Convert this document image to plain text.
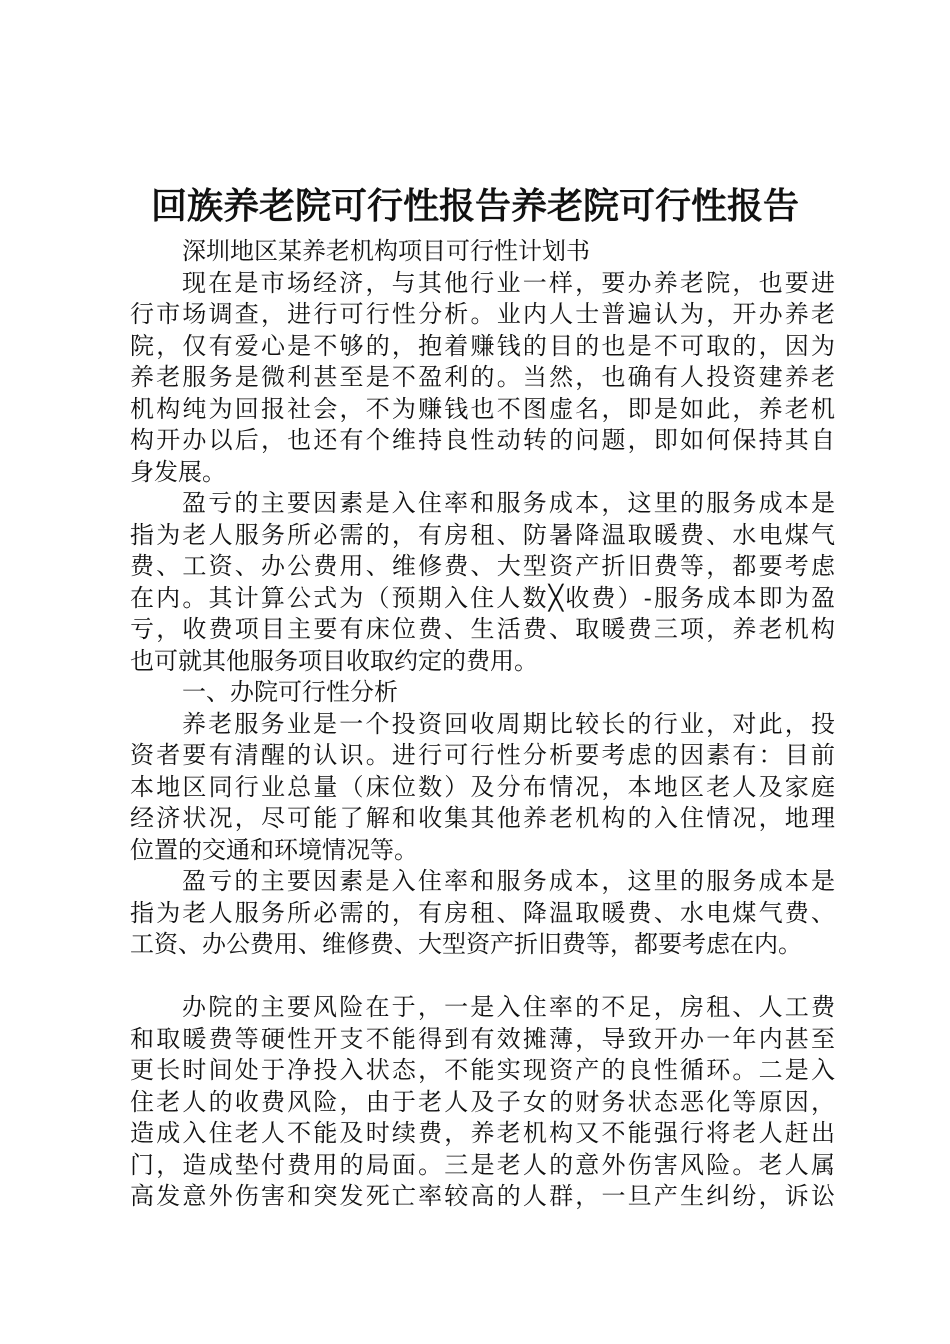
回族养老院可行性报告养老院可行性报告
深圳地区某养老机构项目可行性计划书
现在是市场经济，与其他行业一样，要办养老院，也要进
行市场调查，进行可行性分析。业内人士普遍认为，开办养老
院，仅有爱心是不够的，抱着赚钱的目的也是不可取的，因为
养老服务是微利甚至是不盈利的。当然，也确有人投资建养老
机构纯为回报社会，不为赚钱也不图虚名，即是如此，养老机
构开办以后，也还有个维持良性动转的问题，即如何保持其自
身发展。
盈亏的主要因素是入住率和服务成本，这里的服务成本是
指为老人服务所必需的，有房租、防暑降温取暖费、水电煤气
费、工资、办公费用、维修费、大型资产折旧费等，都要考虑
在内。其计算公式为（预期入住人数╳收费）-服务成本即为盈
亏，收费项目主要有床位费、生活费、取暖费三项，养老机构
也可就其他服务项目收取约定的费用。
一、办院可行性分析
养老服务业是一个投资回收周期比较长的行业，对此，投
资者要有清醒的认识。进行可行性分析要考虑的因素有：目前
本地区同行业总量（床位数）及分布情况，本地区老人及家庭
经济状况，尽可能了解和收集其他养老机构的入住情况，地理
位置的交通和环境情况等。
盈亏的主要因素是入住率和服务成本，这里的服务成本是
指为老人服务所必需的，有房租、降温取暖费、水电煤气费、
工资、办公费用、维修费、大型资产折旧费等，都要考虑在内。
办院的主要风险在于，一是入住率的不足，房租、人工费
和取暖费等硬性开支不能得到有效摊薄，导致开办一年内甚至
更长时间处于净投入状态，不能实现资产的良性循环。二是入
住老人的收费风险，由于老人及子女的财务状态恶化等原因，
造成入住老人不能及时续费，养老机构又不能强行将老人赶出
门，造成垫付费用的局面。三是老人的意外伤害风险。老人属
高发意外伤害和突发死亡率较高的人群，一旦产生纠纷，诉讼
